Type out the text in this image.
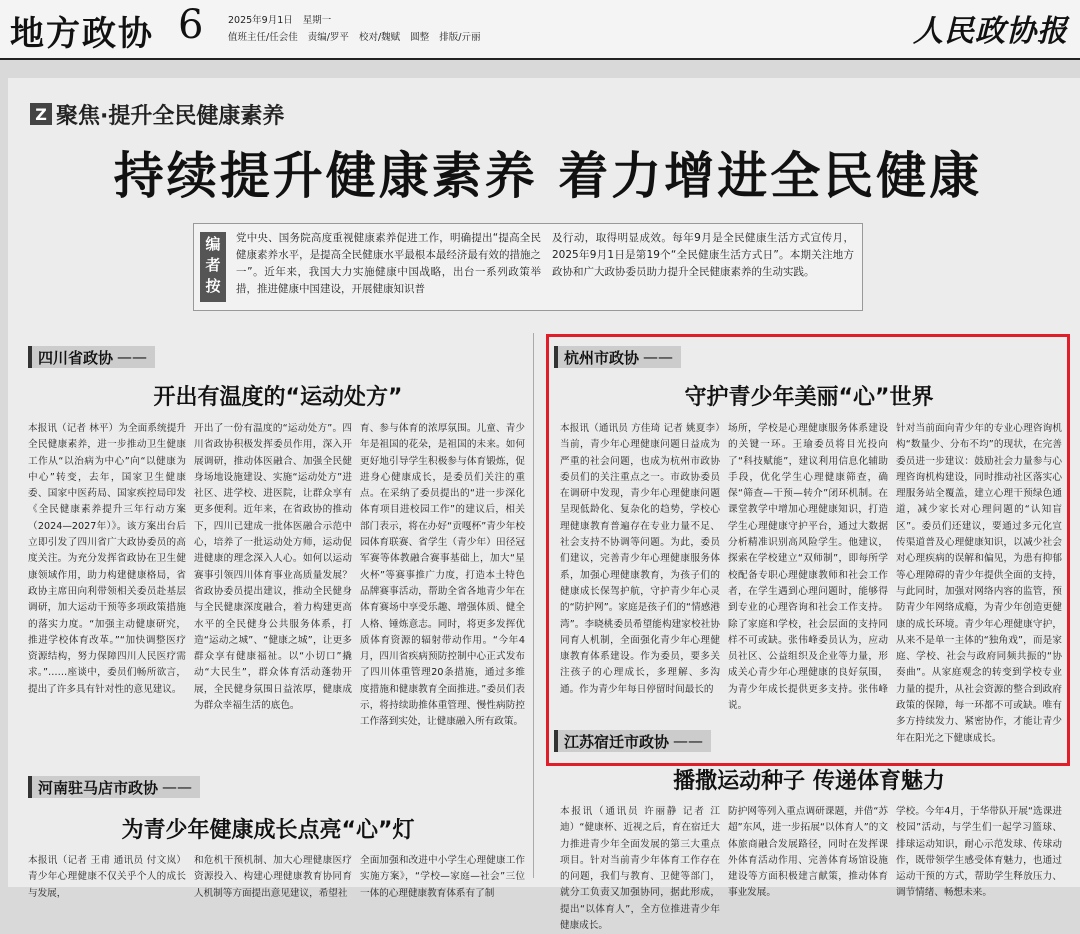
地方政协 6	2025年9月1日 星期一
值班主任/任会佳 责编/罗平 校对/魏赋 圆整 排版/亓丽	人民政协报
Z 聚焦·提升全民健康素养
持续提升健康素养 着力增进全民健康
编者按	党中央、国务院高度重视健康素养促进工作，明确提出“提高全民健康素养水平，是提高全民健康水平最根本最经济最有效的措施之一”。近年来，我国大力实施健康中国战略，出台一系列政策举措，推进健康中国建设，开展健康知识普
及行动，取得明显成效。每年9月是全民健康生活方式宣传月，2025年9月1日是第19个“全民健康生活方式日”。本期关注地方政协和广大政协委员助力提升全民健康素养的生动实践。
四川省政协 ——
开出有温度的“运动处方”
本报讯（记者 林平）为全面系统提升全民健康素养，进一步推动卫生健康工作从“以治病为中心”向“以健康为中心”转变，去年，国家卫生健康委、国家中医药局、国家疾控局印发《全民健康素养提升三年行动方案（2024—2027年）》。该方案出台后立即引发了四川省广大政协委员的高度关注。为充分发挥省政协在卫生健康领域作用，助力构建健康格局，省政协主席田向利带领相关委员赴基层调研，加大运动干预等多项政策措施的落实力度。“加强主动健康研究，推进学校体育改革。”“加快调整医疗资源结构，努力保障四川人民医疗需求。”……座谈中，委员们畅所欲言，提出了许多具有针对性的意见建议。
开出了一份有温度的“运动处方”。四川省政协积极发挥委员作用，深入开展调研，推动体医融合、加强全民健身场地设施建设、实施“运动处方”进社区、进学校、进医院，让群众享有更多便利。近年来，在省政协的推动下，四川已建成一批体医融合示范中心，培养了一批运动处方师，运动促进健康的理念深入人心。如何以运动赛事引领四川体育事业高质量发展？省政协委员提出建议，推动全民健身与全民健康深度融合，着力构建更高水平的全民健身公共服务体系，打造“运动之城”、“健康之城”，让更多群众享有健康福祉。以“小切口”撬动“大民生”，群众体育活动蓬勃开展，全民健身氛围日益浓厚，健康成为群众幸福生活的底色。
育、参与体育的浓厚氛围。儿童、青少年是祖国的花朵，是祖国的未来。如何更好地引导学生积极参与体育锻炼，促进身心健康成长，是委员们关注的重点。在采纳了委员提出的“进一步深化体育项目进校园工作”的建议后，相关部门表示，将在办好“贡嘎杯”青少年校园体育联赛、省学生（青少年）田径冠军赛等体教融合赛事基础上，加大“星火杯”等赛事推广力度，打造本土特色品牌赛事活动，帮助全省各地青少年在体育赛场中享受乐趣、增强体质、健全人格、锤炼意志。同时，将更多发挥优质体育资源的辐射带动作用。“今年4月，四川省疾病预防控制中心正式发布了四川体重管理20条措施，通过多维度措施和健康教育全面推进。”委员们表示，将持续助推体重管理、慢性病防控工作落到实处，让健康融入所有政策。
杭州市政协 ——
守护青少年美丽“心”世界
本报讯（通讯员 方佳琦 记者 姚夏李）当前，青少年心理健康问题日益成为严重的社会问题，也成为杭州市政协委员们的关注重点之一。市政协委员在调研中发现，青少年心理健康问题呈现低龄化、复杂化的趋势，学校心理健康教育普遍存在专业力量不足、社会支持不协调等问题。为此，委员们建议，完善青少年心理健康服务体系，加强心理健康教育，为孩子们的健康成长保驾护航，守护青少年心灵的“防护网”。家庭是孩子们的“情感港湾”。李晓桃委员希望能构建家校社协同育人机制，全面强化青少年心理健康教育体系建设。作为委员，要多关注孩子的心理成长，多理解、多沟通。作为青少年每日停留时间最长的
场所，学校是心理健康服务体系建设的关键一环。王瑜委员将目光投向了“科技赋能”，建议利用信息化辅助手段，优化学生心理健康筛查，确保“筛查—干预—转介”闭环机制。在课堂教学中增加心理健康知识，打造学生心理健康守护平台，通过大数据分析精准识别高风险学生。他建议，探索在学校建立“双师制”，即每所学校配备专职心理健康教师和社会工作者，在学生遇到心理问题时，能够得到专业的心理咨询和社会工作支持。除了家庭和学校，社会层面的支持同样不可或缺。张伟峰委员认为，应动员社区、公益组织及企业等力量，形成关心青少年心理健康的良好氛围，为青少年成长提供更多支持。张伟峰说。
针对当前面向青少年的专业心理咨询机构“数量少、分布不均”的现状，在完善委员进一步建议：鼓励社会力量参与心理咨询机构建设，同时推动社区落实心理服务站全覆盖，建立心理干预绿色通道，减少家长对心理问题的“认知盲区”。委员们还建议，要通过多元化宣传渠道普及心理健康知识，以减少社会对心理疾病的误解和偏见，为患有抑郁等心理障碍的青少年提供全面的支持，与此同时，加强对网络内容的监管，预防青少年网络成瘾，为青少年创造更健康的成长环境。青少年心理健康守护，从来不是单一主体的“独角戏”，而是家庭、学校、社会与政府同频共振的“协奏曲”。从家庭观念的转变到学校专业力量的提升，从社会资源的整合到政府政策的保障，每一环都不可或缺。唯有多方持续发力、紧密协作，才能让青少年在阳光之下健康成长。
江苏宿迁市政协 ——
播撒运动种子 传递体育魅力
本报讯（通讯员 许丽静 记者 江迪）“健康杯、近视之后，育在宿迁大力推进青少年全面发展的第三大重点项目。针对当前青少年体育工作存在的问题，我们与教育、卫健等部门，就分工负责又加强协同，据此形成，提出“以体育人”，全方位推进青少年健康成长。
防护网等列入重点调研课题，并借“苏超”东风，进一步拓展“以体育人”的文体旅商融合发展路径，同时在发挥课外体育活动作用、完善体育场馆设施建设等方面积极建言献策，推动体育事业发展。
学校。今年4月，于华带队开展“选课进校园”活动，与学生们一起学习篮球、排球运动知识，耐心示范发球、传球动作，既带领学生感受体育魅力，也通过运动干预的方式，帮助学生释放压力、调节情绪、畅想未来。
河南驻马店市政协 ——
为青少年健康成长点亮“心”灯
本报讯（记者 王甫 通讯员 付文岚）青少年心理健康不仅关乎个人的成长与发展，
和危机干预机制、加大心理健康医疗资源投入、构建心理健康教育协同育人机制等方面提出意见建议，希望社
全面加强和改进中小学生心理健康工作实施方案》，“学校—家庭—社会”三位一体的心理健康教育体系有了制
